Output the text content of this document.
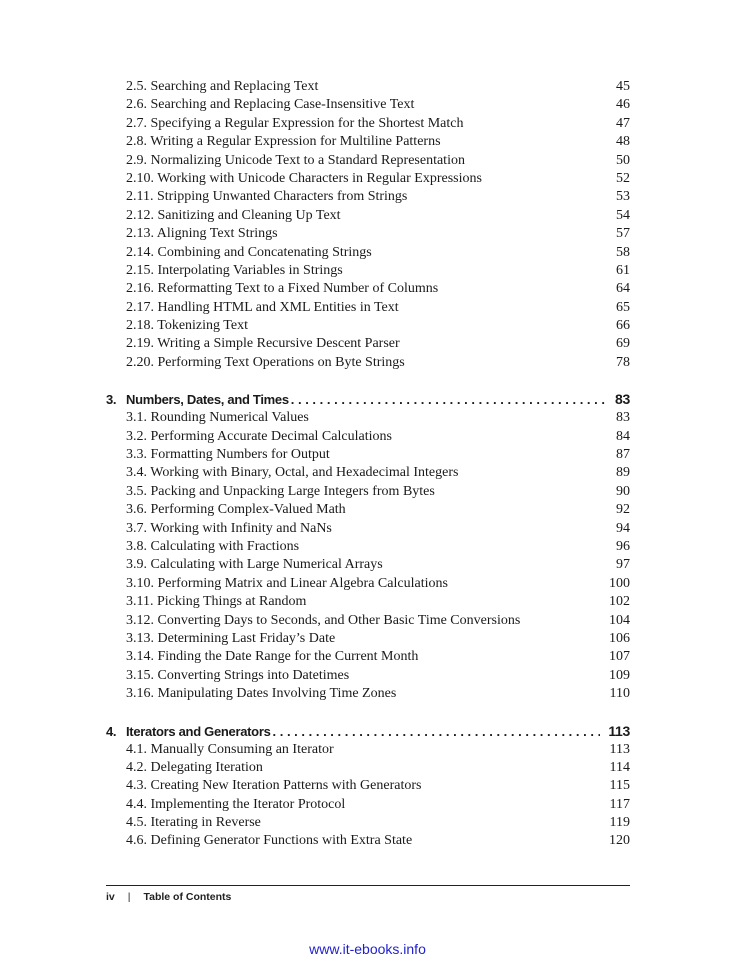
2.5. Searching and Replacing Text	45
2.6. Searching and Replacing Case-Insensitive Text	46
2.7. Specifying a Regular Expression for the Shortest Match	47
2.8. Writing a Regular Expression for Multiline Patterns	48
2.9. Normalizing Unicode Text to a Standard Representation	50
2.10. Working with Unicode Characters in Regular Expressions	52
2.11. Stripping Unwanted Characters from Strings	53
2.12. Sanitizing and Cleaning Up Text	54
2.13. Aligning Text Strings	57
2.14. Combining and Concatenating Strings	58
2.15. Interpolating Variables in Strings	61
2.16. Reformatting Text to a Fixed Number of Columns	64
2.17. Handling HTML and XML Entities in Text	65
2.18. Tokenizing Text	66
2.19. Writing a Simple Recursive Descent Parser	69
2.20. Performing Text Operations on Byte Strings	78
3. Numbers, Dates, and Times . . .	83
3.1. Rounding Numerical Values	83
3.2. Performing Accurate Decimal Calculations	84
3.3. Formatting Numbers for Output	87
3.4. Working with Binary, Octal, and Hexadecimal Integers	89
3.5. Packing and Unpacking Large Integers from Bytes	90
3.6. Performing Complex-Valued Math	92
3.7. Working with Infinity and NaNs	94
3.8. Calculating with Fractions	96
3.9. Calculating with Large Numerical Arrays	97
3.10. Performing Matrix and Linear Algebra Calculations	100
3.11. Picking Things at Random	102
3.12. Converting Days to Seconds, and Other Basic Time Conversions	104
3.13. Determining Last Friday’s Date	106
3.14. Finding the Date Range for the Current Month	107
3.15. Converting Strings into Datetimes	109
3.16. Manipulating Dates Involving Time Zones	110
4. Iterators and Generators . . .	113
4.1. Manually Consuming an Iterator	113
4.2. Delegating Iteration	114
4.3. Creating New Iteration Patterns with Generators	115
4.4. Implementing the Iterator Protocol	117
4.5. Iterating in Reverse	119
4.6. Defining Generator Functions with Extra State	120
iv | Table of Contents
www.it-ebooks.info
